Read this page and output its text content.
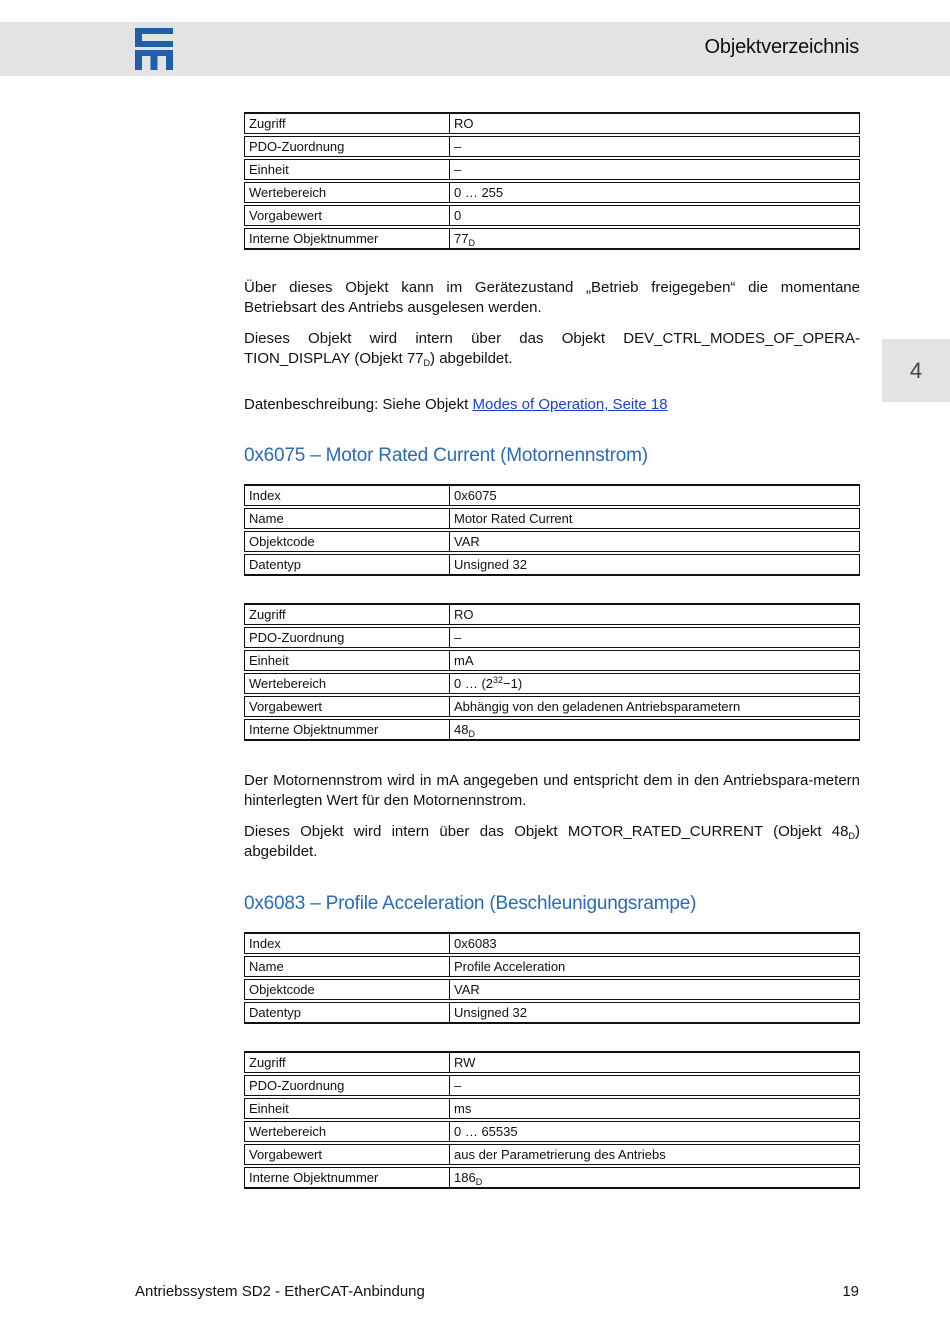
Objektverzeichnis
4
Zugriff	RO
PDO-Zuordnung	–
Einheit	–
Wertebereich	0 … 255
Vorgabewert	0
Interne Objektnummer	$77_D$
Über dieses Objekt kann im Gerätezustand „Betrieb freigegeben“ die momentane Betriebsart des Antriebs ausgelesen werden.
Dieses Objekt wird intern über das Objekt DEV_CTRL_MODES_OF_OPERA-TION_DISPLAY (Objekt $77_D$) abgebildet.
Datenbeschreibung: Siehe Objekt Modes of Operation, Seite 18
0x6075 – Motor Rated Current (Motornennstrom)
Index	0x6075
Name	Motor Rated Current
Objektcode	VAR
Datentyp	Unsigned 32
Zugriff	RO
PDO-Zuordnung	–
Einheit	mA
Wertebereich	0 … $(2^{32}-1)$
Vorgabewert	Abhängig von den geladenen Antriebsparametern
Interne Objektnummer	$48_D$
Der Motornennstrom wird in mA angegeben und entspricht dem in den Antriebspara-metern hinterlegten Wert für den Motornennstrom.
Dieses Objekt wird intern über das Objekt MOTOR_RATED_CURRENT (Objekt $48_D$) abgebildet.
0x6083 – Profile Acceleration (Beschleunigungsrampe)
Index	0x6083
Name	Profile Acceleration
Objektcode	VAR
Datentyp	Unsigned 32
Zugriff	RW
PDO-Zuordnung	–
Einheit	ms
Wertebereich	0 … 65535
Vorgabewert	aus der Parametrierung des Antriebs
Interne Objektnummer	$186_D$
Antriebssystem SD2 - EtherCAT-Anbindung	19
